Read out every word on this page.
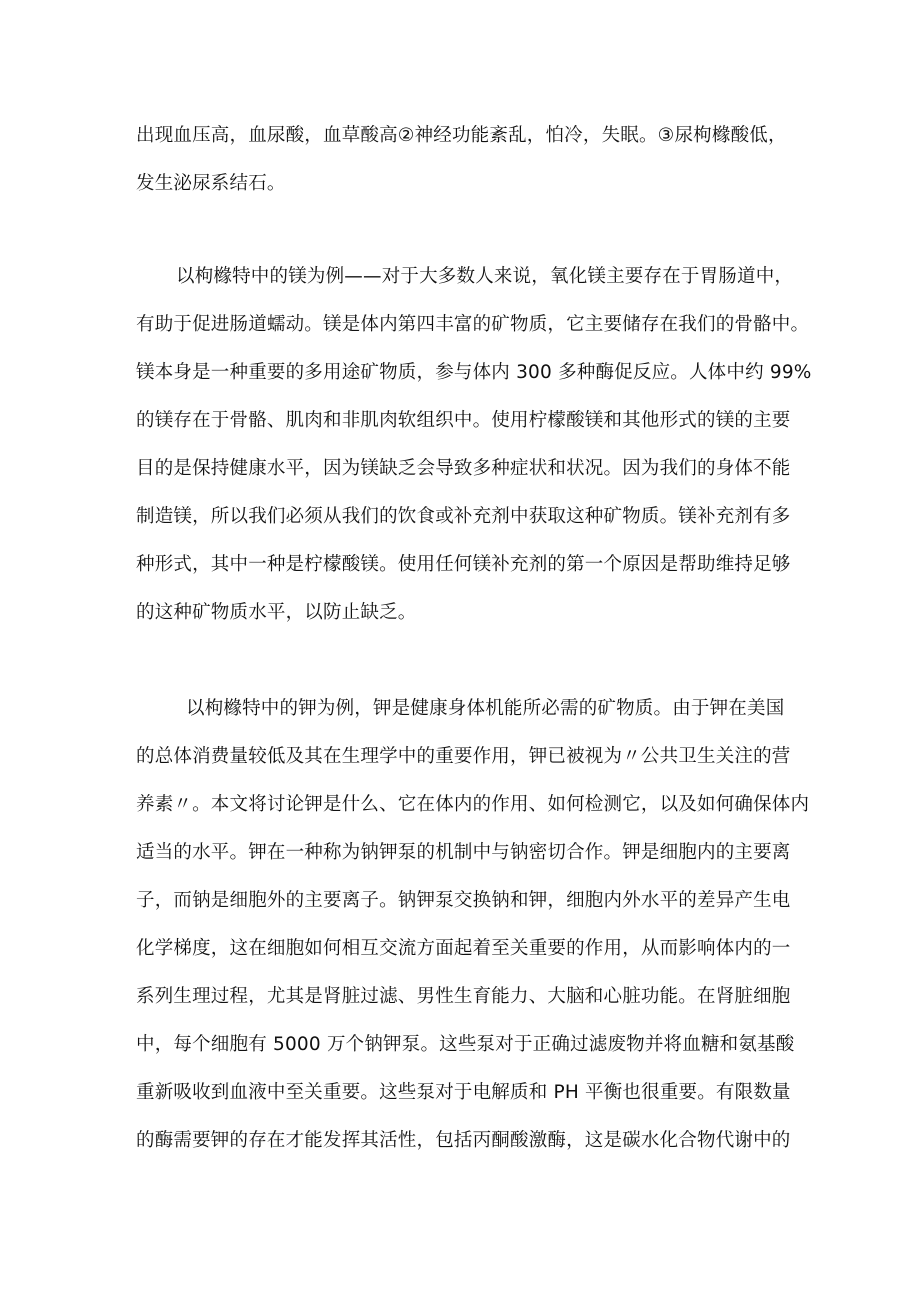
出现血压高，血尿酸，血草酸高②神经功能紊乱，怕冷，失眠。③尿枸橼酸低，
发生泌尿系结石。
以枸橼特中的镁为例——对于大多数人来说，氧化镁主要存在于胃肠道中，
有助于促进肠道蠕动。镁是体内第四丰富的矿物质，它主要储存在我们的骨骼中。
镁本身是一种重要的多用途矿物质，参与体内 300 多种酶促反应。人体中约 99%
的镁存在于骨骼、肌肉和非肌肉软组织中。使用柠檬酸镁和其他形式的镁的主要
目的是保持健康水平，因为镁缺乏会导致多种症状和状况。因为我们的身体不能
制造镁，所以我们必须从我们的饮食或补充剂中获取这种矿物质。镁补充剂有多
种形式，其中一种是柠檬酸镁。使用任何镁补充剂的第一个原因是帮助维持足够
的这种矿物质水平，以防止缺乏。
以枸橼特中的钾为例，钾是健康身体机能所必需的矿物质。由于钾在美国
的总体消费量较低及其在生理学中的重要作用，钾已被视为〃公共卫生关注的营
养素〃。本文将讨论钾是什么、它在体内的作用、如何检测它，以及如何确保体内
适当的水平。钾在一种称为钠钾泵的机制中与钠密切合作。钾是细胞内的主要离
子，而钠是细胞外的主要离子。钠钾泵交换钠和钾，细胞内外水平的差异产生电
化学梯度，这在细胞如何相互交流方面起着至关重要的作用，从而影响体内的一
系列生理过程，尤其是肾脏过滤、男性生育能力、大脑和心脏功能。在肾脏细胞
中，每个细胞有 5000 万个钠钾泵。这些泵对于正确过滤废物并将血糖和氨基酸
重新吸收到血液中至关重要。这些泵对于电解质和 PH 平衡也很重要。有限数量
的酶需要钾的存在才能发挥其活性，包括丙酮酸激酶，这是碳水化合物代谢中的
